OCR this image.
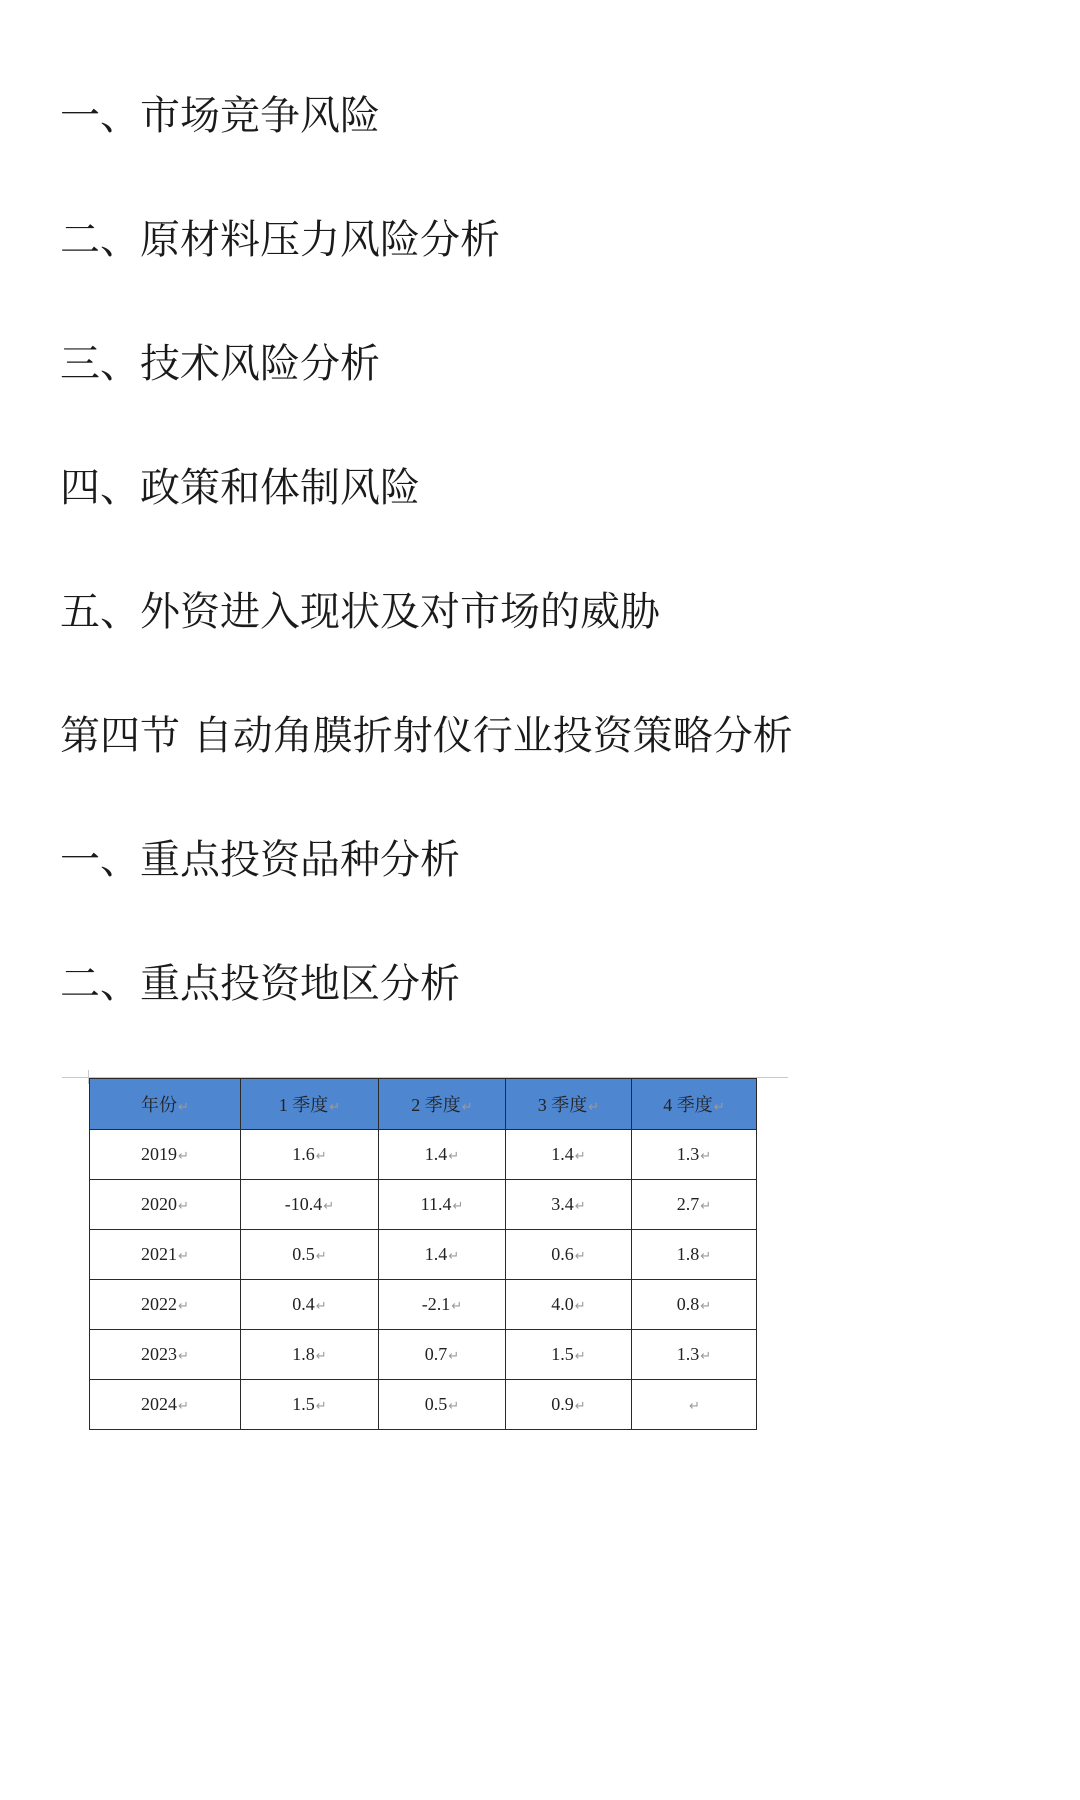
一、市场竞争风险
二、原材料压力风险分析
三、技术风险分析
四、政策和体制风险
五、外资进入现状及对市场的威胁
第四节 自动角膜折射仪行业投资策略分析
一、重点投资品种分析
二、重点投资地区分析
年份↵	1 季度↵	2 季度↵	3 季度↵	4 季度↵
2019↵	1.6↵	1.4↵	1.4↵	1.3↵
2020↵	-10.4↵	11.4↵	3.4↵	2.7↵
2021↵	0.5↵	1.4↵	0.6↵	1.8↵
2022↵	0.4↵	-2.1↵	4.0↵	0.8↵
2023↵	1.8↵	0.7↵	1.5↵	1.3↵
2024↵	1.5↵	0.5↵	0.9↵	↵
